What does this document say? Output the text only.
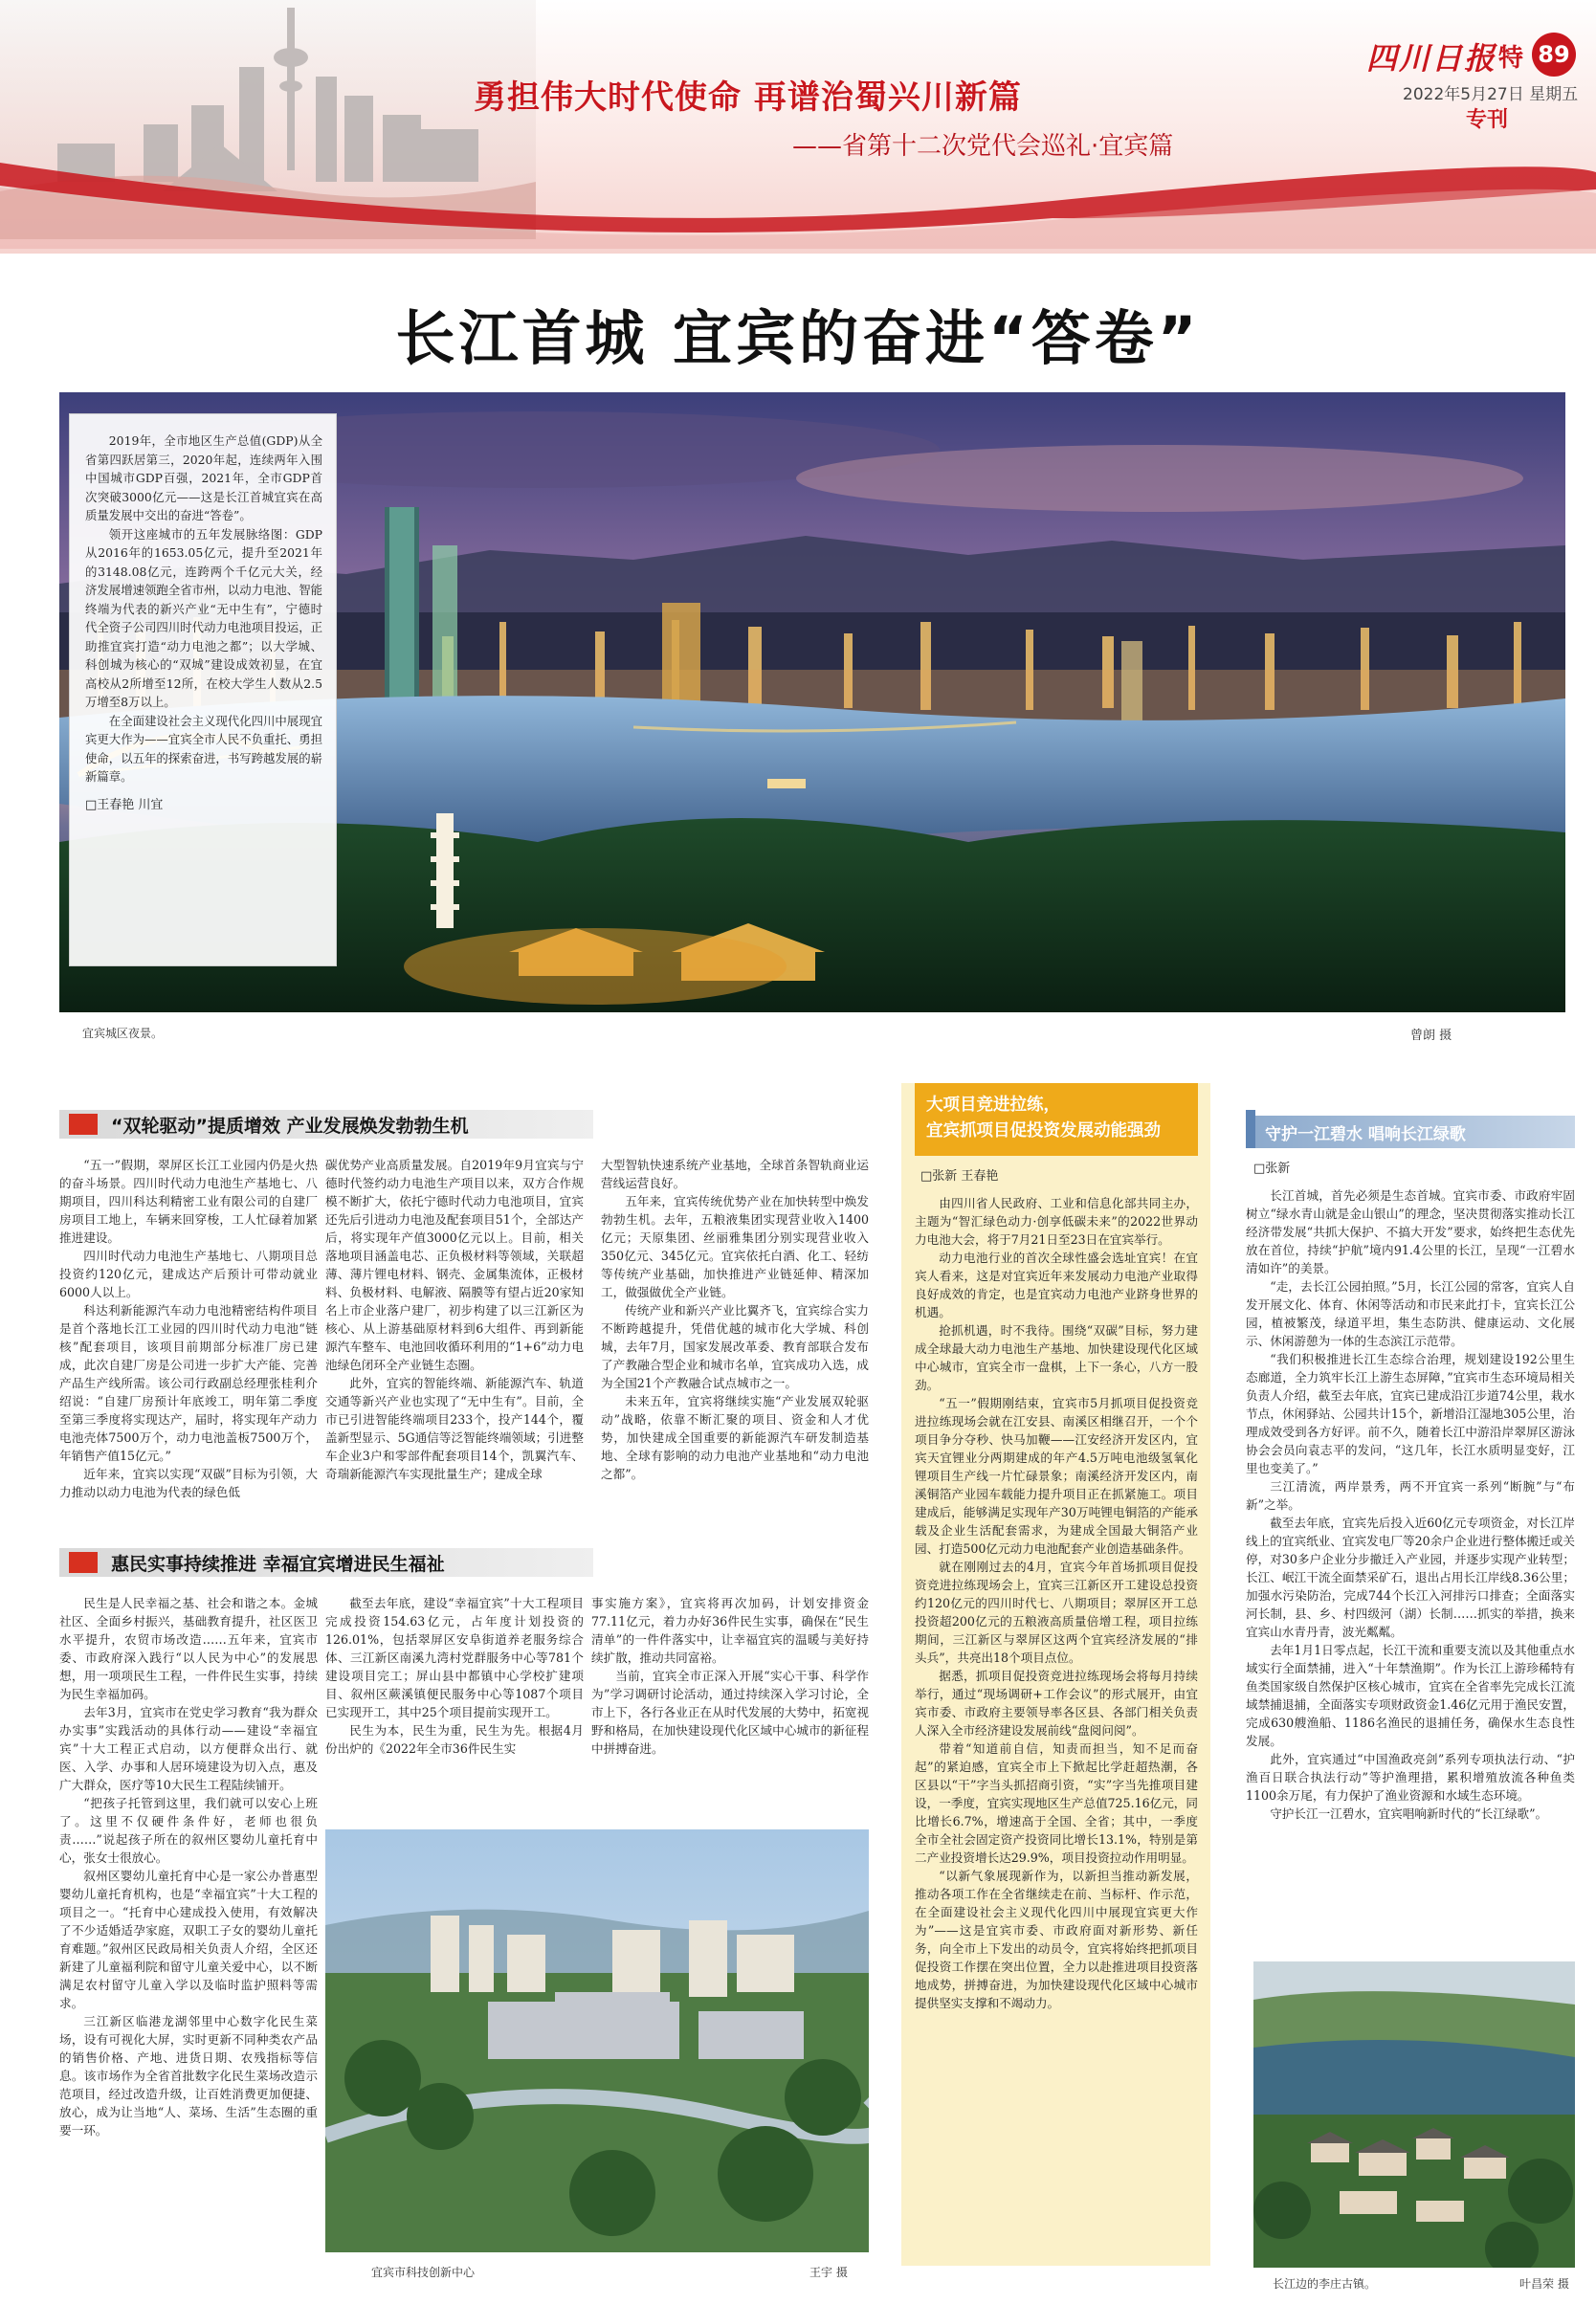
勇担伟大时代使命 再谱治蜀兴川新篇
——省第十二次党代会巡礼·宜宾篇
四川日报 特 89
2022年5月27日 星期五
专刊
长江首城 宜宾的奋进“答卷”

2019年，全市地区生产总值(GDP)从全省第四跃居第三，2020年起，连续两年入围中国城市GDP百强，2021年，全市GDP首次突破3000亿元——这是长江首城宜宾在高质量发展中交出的奋进“答卷”。

领开这座城市的五年发展脉络图：GDP从2016年的1653.05亿元，提升至2021年的3148.08亿元，连跨两个千亿元大关，经济发展增速领跑全省市州，以动力电池、智能终端为代表的新兴产业“无中生有”，宁德时代全资子公司四川时代动力电池项目投运，正助推宜宾打造“动力电池之都”；以大学城、科创城为核心的“双城”建设成效初显，在宜高校从2所增至12所，在校大学生人数从2.5万增至8万以上。

在全面建设社会主义现代化四川中展现宜宾更大作为——宜宾全市人民不负重托、勇担使命，以五年的探索奋进，书写跨越发展的崭新篇章。

□王春艳 川宜

宜宾城区夜景。	曾朗 摄
“双轮驱动”提质增效 产业发展焕发勃勃生机

“五一”假期，翠屏区长江工业园内仍是火热的奋斗场景。四川时代动力电池生产基地七、八期项目，四川科达利精密工业有限公司的自建厂房项目工地上，车辆来回穿梭，工人忙碌着加紧推进建设。

四川时代动力电池生产基地七、八期项目总投资约120亿元，建成达产后预计可带动就业6000人以上。

科达利新能源汽车动力电池精密结构件项目是首个落地长江工业园的四川时代动力电池“链核”配套项目，该项目前期部分标准厂房已建成，此次自建厂房是公司进一步扩大产能、完善产品生产线所需。该公司行政副总经理张桂利介绍说：“自建厂房预计年底竣工，明年第二季度至第三季度将实现达产，届时，将实现年产动力电池壳体7500万个，动力电池盖板7500万个，年销售产值15亿元。”

近年来，宜宾以实现“双碳”目标为引领，大力推动以动力电池为代表的绿色低

碳优势产业高质量发展。自2019年9月宜宾与宁德时代签约动力电池生产项目以来，双方合作规模不断扩大，依托宁德时代动力电池项目，宜宾还先后引进动力电池及配套项目51个，全部达产后，将实现年产值3000亿元以上。目前，相关落地项目涵盖电芯、正负极材料等领域，关联超薄、薄片锂电材料、钢壳、金属集流体，正极材料、负极材料、电解液、隔膜等有望占近20家知名上市企业落户建厂，初步构建了以三江新区为核心、从上游基础原材料到6大组件、再到新能源汽车整车、电池回收循环利用的“1+6”动力电池绿色闭环全产业链生态圈。

此外，宜宾的智能终端、新能源汽车、轨道交通等新兴产业也实现了“无中生有”。目前，全市已引进智能终端项目233个，投产144个，覆盖新型显示、5G通信等泛智能终端领域；引进整车企业3户和零部件配套项目14个，凯翼汽车、奇瑞新能源汽车实现批量生产；建成全球

大型智轨快速系统产业基地，全球首条智轨商业运营线运营良好。

五年来，宜宾传统优势产业在加快转型中焕发勃勃生机。去年，五粮液集团实现营业收入1400亿元；天原集团、丝丽雅集团分别实现营业收入350亿元、345亿元。宜宾依托白酒、化工、轻纺等传统产业基础，加快推进产业链延伸、精深加工，做强做优全产业链。

传统产业和新兴产业比翼齐飞，宜宾综合实力不断跨越提升，凭借优越的城市化大学城、科创城，去年7月，国家发展改革委、教育部联合发布了产教融合型企业和城市名单，宜宾成功入选，成为全国21个产教融合试点城市之一。

未来五年，宜宾将继续实施“产业发展双轮驱动”战略，依靠不断汇聚的项目、资金和人才优势，加快建成全国重要的新能源汽车研发制造基地、全球有影响的动力电池产业基地和“动力电池之都”。

惠民实事持续推进 幸福宜宾增进民生福祉

民生是人民幸福之基、社会和谐之本。金城社区、全面乡村振兴，基础教育提升，社区医卫水平提升，农贸市场改造……五年来，宜宾市委、市政府深入践行“以人民为中心”的发展思想，用一项项民生工程，一件件民生实事，持续为民生幸福加码。

去年3月，宜宾市在党史学习教育“我为群众办实事”实践活动的具体行动——建设“幸福宜宾”十大工程正式启动，以方便群众出行、就医、入学、办事和人居环境建设为切入点，惠及广大群众，医疗等10大民生工程陆续铺开。

“把孩子托管到这里，我们就可以安心上班了。这里不仅硬件条件好，老师也很负责……”说起孩子所在的叙州区婴幼儿童托育中心，张女士很放心。

叙州区婴幼儿童托育中心是一家公办普惠型婴幼儿童托育机构，也是“幸福宜宾”十大工程的项目之一。“托育中心建成投入使用，有效解决了不少适婚适孕家庭，双职工子女的婴幼儿童托育难题。”叙州区民政局相关负责人介绍，全区还新建了儿童福利院和留守儿童关爱中心，以不断满足农村留守儿童入学以及临时监护照料等需求。

三江新区临港龙湖邻里中心数字化民生菜场，设有可视化大屏，实时更新不同种类农产品的销售价格、产地、进货日期、农残指标等信息。该市场作为全省首批数字化民生菜场改造示范项目，经过改造升级，让百姓消费更加便捷、放心，成为让当地“人、菜场、生活”生态圈的重要一环。

截至去年底，建设“幸福宜宾”十大工程项目完成投资154.63亿元，占年度计划投资的126.01%，包括翠屏区安阜街道养老服务综合体、三江新区南溪九湾村党群服务中心等781个建设项目完工；屏山县中都镇中心学校扩建项目、叙州区蕨溪镇便民服务中心等1087个项目已实现开工，其中25个项目提前实现开工。

民生为本，民生为重，民生为先。根据4月份出炉的《2022年全市36件民生实

事实施方案》，宜宾将再次加码，计划安排资金77.11亿元，着力办好36件民生实事，确保在“民生清单”的一件件落实中，让幸福宜宾的温暖与美好持续扩散，推动共同富裕。

当前，宜宾全市正深入开展“实心干事、科学作为”学习调研讨论活动，通过持续深入学习讨论，全市上下，各行各业正在从时代发展的大势中，拓宽视野和格局，在加快建设现代化区域中心城市的新征程中拼搏奋进。

宜宾市科技创新中心	王宇 摄
大项目竞进拉练，
宜宾抓项目促投资发展动能强劲
□张新 王春艳

由四川省人民政府、工业和信息化部共同主办，主题为“智汇绿色动力·创享低碳未来”的2022世界动力电池大会，将于7月21日至23日在宜宾举行。

动力电池行业的首次全球性盛会选址宜宾！在宜宾人看来，这是对宜宾近年来发展动力电池产业取得良好成效的肯定，也是宜宾动力电池产业跻身世界的机遇。

抢抓机遇，时不我待。围绕“双碳”目标，努力建成全球最大动力电池生产基地、加快建设现代化区域中心城市，宜宾全市一盘棋，上下一条心，八方一股劲。

“五一”假期刚结束，宜宾市5月抓项目促投资竞进拉练现场会就在江安县、南溪区相继召开，一个个项目争分夺秒、快马加鞭——江安经济开发区内，宜宾天宜锂业分两期建成的年产4.5万吨电池级氢氧化锂项目生产线一片忙碌景象；南溪经济开发区内，南溪铜箔产业园车载能力提升项目正在抓紧施工。项目建成后，能够满足实现年产30万吨锂电铜箔的产能承载及企业生活配套需求，为建成全国最大铜箔产业园、打造500亿元动力电池配套产业创造基础条件。

就在刚刚过去的4月，宜宾今年首场抓项目促投资竞进拉练现场会上，宜宾三江新区开工建设总投资约120亿元的四川时代七、八期项目；翠屏区开工总投资超200亿元的五粮液高质量倍增工程，项目拉练期间，三江新区与翠屏区这两个宜宾经济发展的“排头兵”，共亮出18个项目点位。

据悉，抓项目促投资竞进拉练现场会将每月持续举行，通过“现场调研+工作会议”的形式展开，由宜宾市委、市政府主要领导率各区县、各部门相关负责人深入全市经济建设发展前线“盘阅问阅”。

带着“知道前自信，知责而担当，知不足而奋起”的紧迫感，宜宾全市上下掀起比学赶超热潮，各区县以“干”字当头抓招商引资，“实”字当先推项目建设，一季度，宜宾实现地区生产总值725.16亿元，同比增长6.7%，增速高于全国、全省；其中，一季度全市全社会固定资产投资同比增长13.1%，特别是第二产业投资增长达29.9%，项目投资拉动作用明显。

“以新气象展现新作为，以新担当推动新发展，推动各项工作在全省继续走在前、当标杆、作示范，在全面建设社会主义现代化四川中展现宜宾更大作为”——这是宜宾市委、市政府面对新形势、新任务，向全市上下发出的动员令，宜宾将始终把抓项目促投资工作摆在突出位置，全力以赴推进项目投资落地成势，拼搏奋进，为加快建设现代化区域中心城市提供坚实支撑和不竭动力。

守护一江碧水 唱响长江绿歌
□张新

长江首城，首先必须是生态首城。宜宾市委、市政府牢固树立“绿水青山就是金山银山”的理念，坚决贯彻落实推动长江经济带发展“共抓大保护、不搞大开发”要求，始终把生态优先放在首位，持续“护航”境内91.4公里的长江，呈现“一江碧水清如许”的美景。

“走，去长江公园拍照。”5月，长江公园的常客，宜宾人自发开展文化、体育、休闲等活动和市民来此打卡，宜宾长江公园，植被繁茂，绿道平坦，集生态防洪、健康运动、文化展示、休闲游憩为一体的生态滨江示范带。

“我们积极推进长江生态综合治理，规划建设192公里生态廊道，全力筑牢长江上游生态屏障，”宜宾市生态环境局相关负责人介绍，截至去年底，宜宾已建成沿江步道74公里，栽水节点，休闲驿站、公园共计15个，新增沿江湿地305公里，治理成效受到各方好评。前不久，随着长江中游沿岸翠屏区游泳协会会员向袁志平的发问，“这几年，长江水质明显变好，江里也变美了。”

三江清流，两岸景秀，两不开宜宾一系列“断腕”与“布新”之举。

截至去年底，宜宾先后投入近60亿元专项资金，对长江岸线上的宜宾纸业、宜宾发电厂等20余户企业进行整体搬迁或关停，对30多户企业分步撤迁入产业园，并逐步实现产业转型；长江、岷江干流全面禁采矿石，退出占用长江岸线8.36公里；加强水污染防治，完成744个长江入河排污口排查；全面落实河长制，县、乡、村四级河（湖）长制……抓实的举措，换来宜宾山水青丹青，波光粼粼。

去年1月1日零点起，长江干流和重要支流以及其他重点水域实行全面禁捕，进入“十年禁渔期”。作为长江上游珍稀特有鱼类国家级自然保护区核心城市，宜宾在全省率先完成长江流域禁捕退捕，全面落实专项财政资金1.46亿元用于渔民安置，完成630艘渔船、1186名渔民的退捕任务，确保水生态良性发展。

此外，宜宾通过“中国渔政亮剑”系列专项执法行动、“护渔百日联合执法行动”等护渔理措，累积增殖放流各种鱼类1100余万尾，有力保护了渔业资源和水域生态环境。

守护长江一江碧水，宜宾唱响新时代的“长江绿歌”。

长江边的李庄古镇。	叶昌荣 摄
